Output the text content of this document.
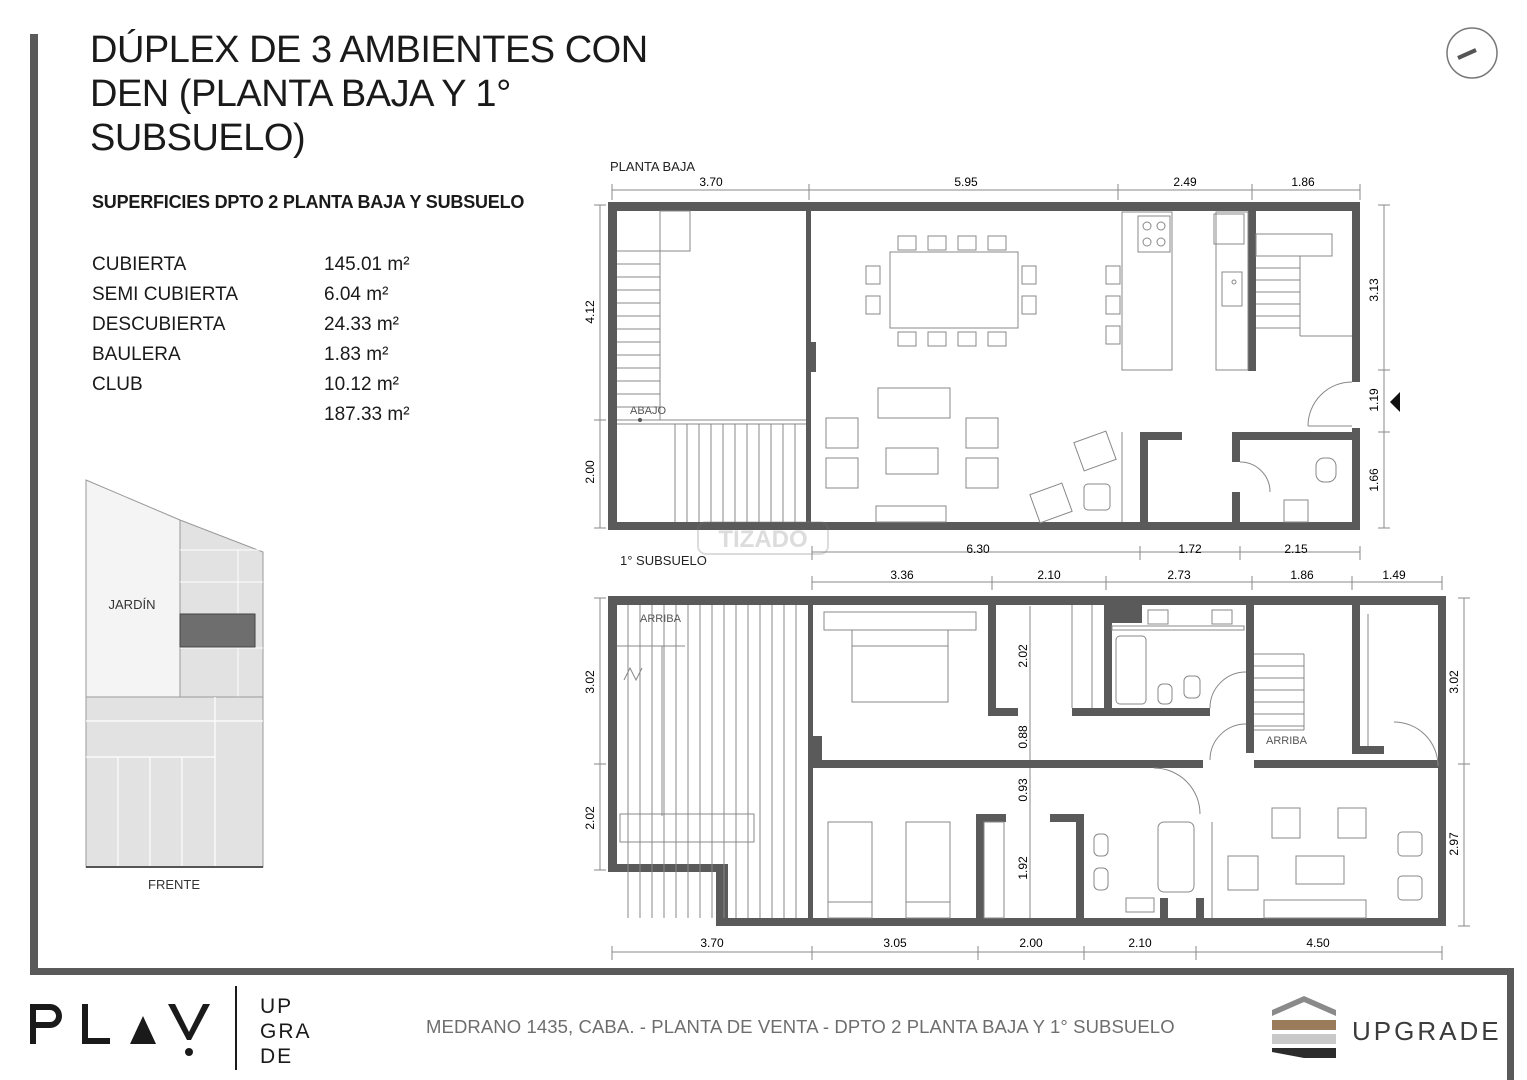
DÚPLEX DE 3 AMBIENTES CON DEN (PLANTA BAJA Y 1° SUBSUELO)
SUPERFICIES DPTO 2 PLANTA BAJA Y SUBSUELO
CUBIERTA	145.01 m²
SEMI CUBIERTA	6.04 m²
DESCUBIERTA	24.33 m²
BAULERA	1.83 m²
CLUB	10.12 m²
187.33 m²
JARDÍN
FRENTE
PLANTA BAJA
3.70	5.95	2.49	1.86
4.12
2.00
3.13
1.19
1.66
ABAJO
TIZADO	6.30	1.72	2.15
1° SUBSUELO
3.36	2.10	2.73	1.86	1.49
3.02
2.02
3.02
2.97
2.02
0.88
0.93
1.92
ARRIBA
ARRIBA
3.70	3.05	2.00	2.10	4.50
UP
GRA
DE
MEDRANO 1435, CABA. - PLANTA DE VENTA - DPTO 2 PLANTA BAJA Y 1° SUBSUELO	UPGRADE
